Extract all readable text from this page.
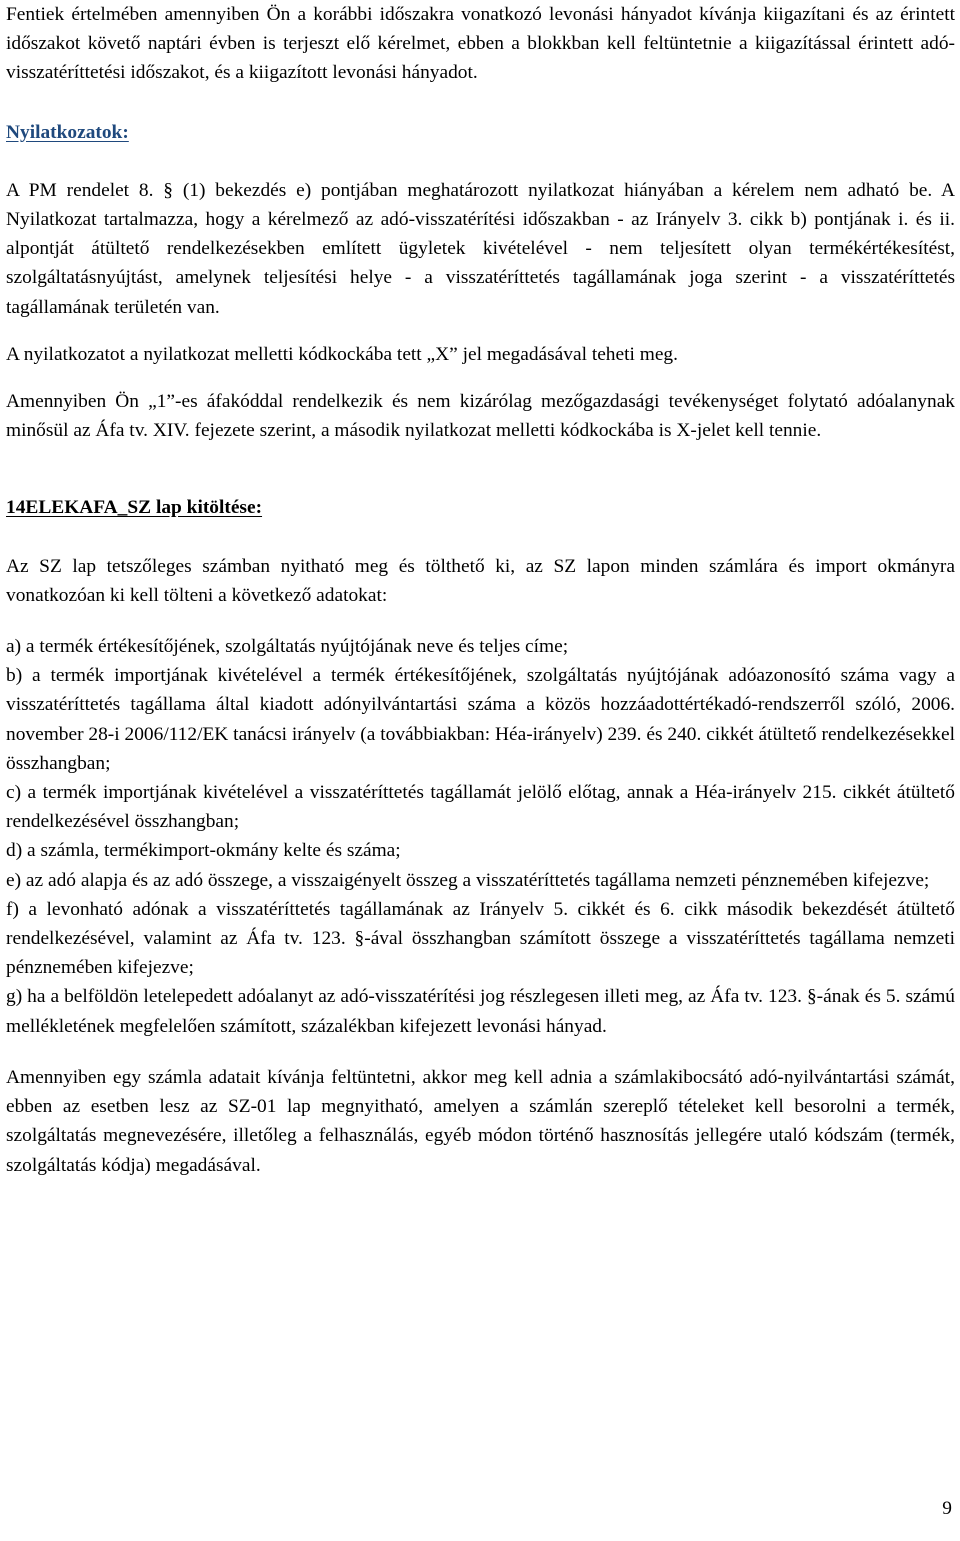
Fentiek értelmében amennyiben Ön a korábbi időszakra vonatkozó levonási hányadot kívánja kiigazítani és az érintett időszakot követő naptári évben is terjeszt elő kérelmet, ebben a blokkban kell feltüntetnie a kiigazítással érintett adó-visszatéríttetési időszakot, és a kiigazított levonási hányadot.

Nyilatkozatok:

A PM rendelet 8. § (1) bekezdés e) pontjában meghatározott nyilatkozat hiányában a kérelem nem adható be. A Nyilatkozat tartalmazza, hogy a kérelmező az adó-visszatérítési időszakban - az Irányelv 3. cikk b) pontjának i. és ii. alpontját átültető rendelkezésekben említett ügyletek kivételével - nem teljesített olyan termékértékesítést, szolgáltatásnyújtást, amelynek teljesítési helye - a visszatéríttetés tagállamának joga szerint - a visszatéríttetés tagállamának területén van.

A nyilatkozatot a nyilatkozat melletti kódkockába tett „X” jel megadásával teheti meg.

Amennyiben Ön „1”-es áfakóddal rendelkezik és nem kizárólag mezőgazdasági tevékenységet folytató adóalanynak minősül az Áfa tv. XIV. fejezete szerint, a második nyilatkozat melletti kódkockába is X-jelet kell tennie.

14ELEKAFA_SZ lap kitöltése:

Az SZ lap tetszőleges számban nyitható meg és tölthető ki, az SZ lapon minden számlára és import okmányra vonatkozóan ki kell tölteni a következő adatokat:

a) a termék értékesítőjének, szolgáltatás nyújtójának neve és teljes címe;

b) a termék importjának kivételével a termék értékesítőjének, szolgáltatás nyújtójának adóazonosító száma vagy a visszatéríttetés tagállama által kiadott adónyilvántartási száma a közös hozzáadottértékadó-rendszerről szóló, 2006. november 28-i 2006/112/EK tanácsi irányelv (a továbbiakban: Héa-irányelv) 239. és 240. cikkét átültető rendelkezésekkel összhangban;

c) a termék importjának kivételével a visszatéríttetés tagállamát jelölő előtag, annak a Héa-irányelv 215. cikkét átültető rendelkezésével összhangban;

d) a számla, termékimport-okmány kelte és száma;

e) az adó alapja és az adó összege, a visszaigényelt összeg a visszatéríttetés tagállama nemzeti pénznemében kifejezve;

f) a levonható adónak a visszatéríttetés tagállamának az Irányelv 5. cikkét és 6. cikk második bekezdését átültető rendelkezésével, valamint az Áfa tv. 123. §-ával összhangban számított összege a visszatéríttetés tagállama nemzeti pénznemében kifejezve;

g) ha a belföldön letelepedett adóalanyt az adó-visszatérítési jog részlegesen illeti meg, az Áfa tv. 123. §-ának és 5. számú mellékletének megfelelően számított, százalékban kifejezett levonási hányad.

Amennyiben egy számla adatait kívánja feltüntetni, akkor meg kell adnia a számlakibocsátó adó-nyilvántartási számát, ebben az esetben lesz az SZ-01 lap megnyitható, amelyen a számlán szereplő tételeket kell besorolni a termék, szolgáltatás megnevezésére, illetőleg a felhasználás, egyéb módon történő hasznosítás jellegére utaló kódszám (termék, szolgáltatás kódja) megadásával.

9
